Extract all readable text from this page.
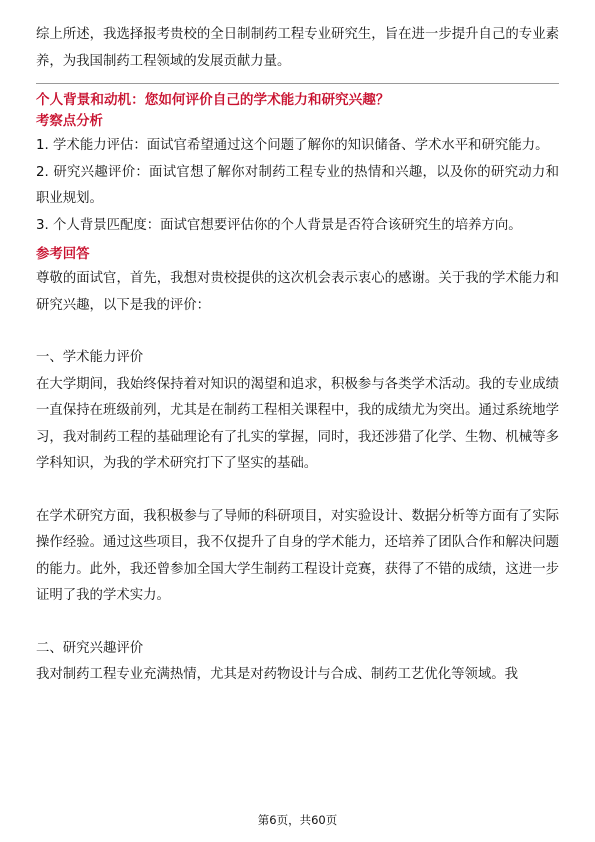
综上所述，我选择报考贵校的全日制制药工程专业研究生，旨在进一步提升自己的专业素养，为我国制药工程领域的发展贡献力量。

个人背景和动机：您如何评价自己的学术能力和研究兴趣？
考察点分析

1. 学术能力评估：面试官希望通过这个问题了解你的知识储备、学术水平和研究能力。

2. 研究兴趣评价：面试官想了解你对制药工程专业的热情和兴趣，以及你的研究动力和职业规划。

3. 个人背景匹配度：面试官想要评估你的个人背景是否符合该研究生的培养方向。

参考回答

尊敬的面试官，首先，我想对贵校提供的这次机会表示衷心的感谢。关于我的学术能力和研究兴趣，以下是我的评价：

一、学术能力评价

在大学期间，我始终保持着对知识的渴望和追求，积极参与各类学术活动。我的专业成绩一直保持在班级前列，尤其是在制药工程相关课程中，我的成绩尤为突出。通过系统地学习，我对制药工程的基础理论有了扎实的掌握，同时，我还涉猎了化学、生物、机械等多学科知识，为我的学术研究打下了坚实的基础。

在学术研究方面，我积极参与了导师的科研项目，对实验设计、数据分析等方面有了实际操作经验。通过这些项目，我不仅提升了自身的学术能力，还培养了团队合作和解决问题的能力。此外，我还曾参加全国大学生制药工程设计竞赛，获得了不错的成绩，这进一步证明了我的学术实力。

二、研究兴趣评价

我对制药工程专业充满热情，尤其是对药物设计与合成、制药工艺优化等领域。我

第6页，共60页
